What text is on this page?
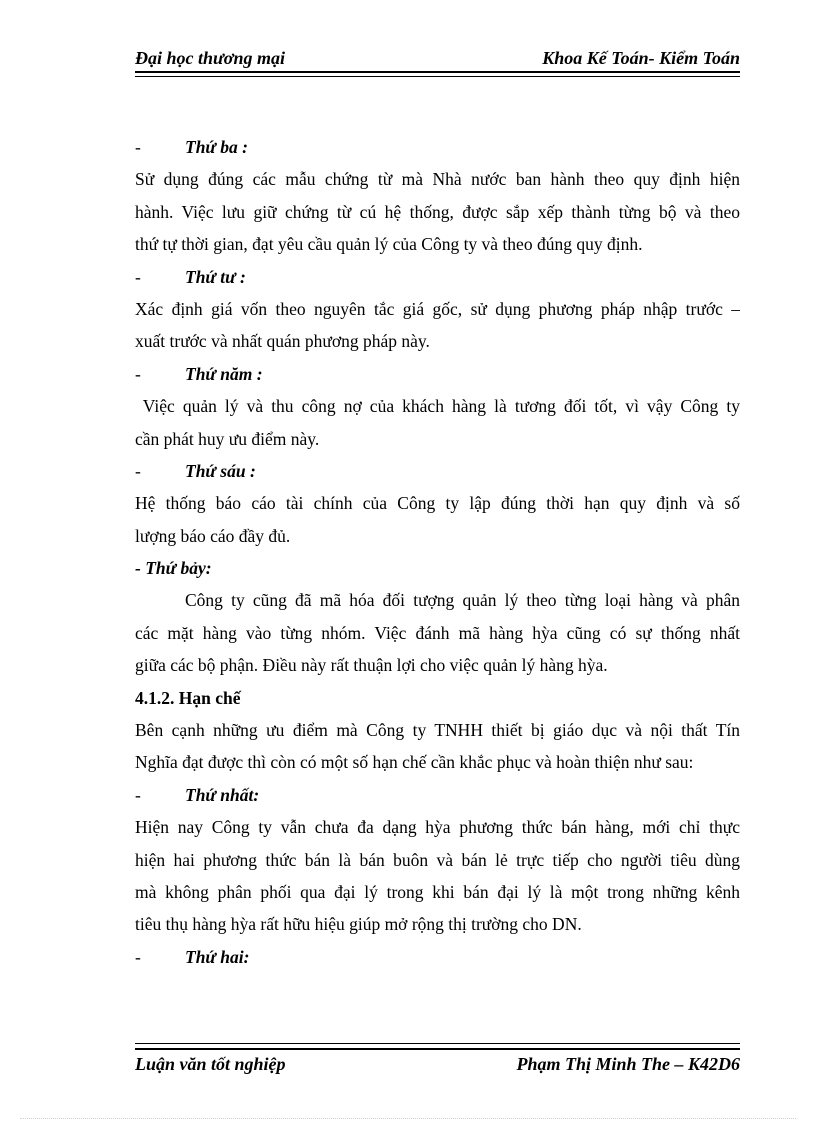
Đại học thương mại	Khoa Kế Toán- Kiểm Toán
-	Thứ ba :
Sử dụng đúng các mẫu chứng từ mà Nhà nước ban hành theo quy định hiện
hành. Việc lưu giữ chứng từ cú hệ thống, được sắp xếp thành từng bộ và theo
thứ tự thời gian, đạt yêu cầu quản lý của Công ty và theo đúng quy định.
-	Thứ tư :
Xác định giá vốn theo nguyên tắc giá gốc, sử dụng phương pháp nhập trước –
xuất trước và nhất quán phương pháp này.
-	Thứ năm :
Việc quản lý và thu công nợ của khách hàng là tương đối tốt, vì vậy Công ty
cần phát huy ưu điểm này.
-	Thứ sáu :
Hệ thống báo cáo tài chính của Công ty lập đúng thời hạn quy định và số
lượng báo cáo đầy đủ.
- Thứ bảy:
Công ty cũng đã mã hóa đối tượng quản lý theo từng loại hàng và phân
các mặt hàng vào từng nhóm. Việc đánh mã hàng hỳa cũng có sự thống nhất
giữa các bộ phận. Điều này rất thuận lợi cho việc quản lý hàng hỳa.
4.1.2. Hạn chế
Bên cạnh những ưu điểm mà Công ty TNHH thiết bị giáo dục và nội thất Tín
Nghĩa đạt được thì còn có một số hạn chế cần khắc phục và hoàn thiện như sau:
-	Thứ nhất:
Hiện nay Công ty vẫn chưa đa dạng hỳa phương thức bán hàng, mới chỉ thực
hiện hai phương thức bán là bán buôn và bán lẻ trực tiếp cho người tiêu dùng
mà không phân phối qua đại lý trong khi bán đại lý là một trong những kênh
tiêu thụ hàng hỳa rất hữu hiệu giúp mở rộng thị trường cho DN.
-	Thứ hai:
Luận văn tốt nghiệp	Phạm Thị Minh The – K42D6
